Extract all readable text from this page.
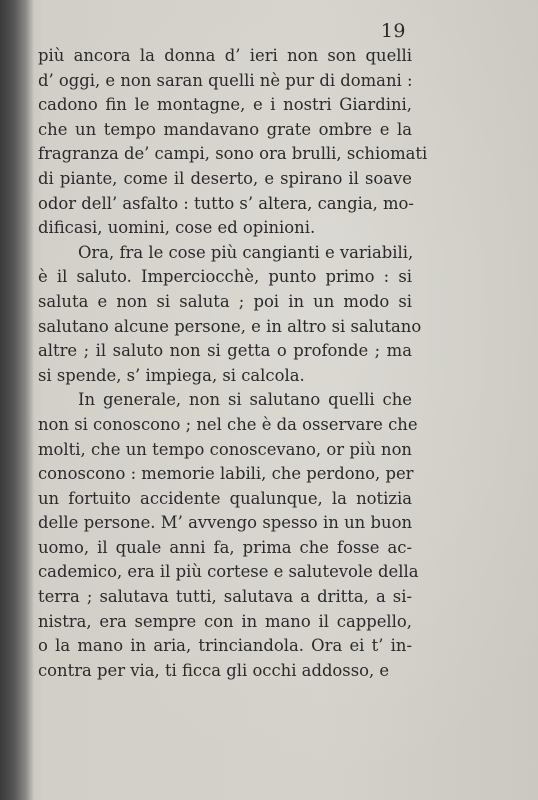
19
più ancora la donna d’ ieri non son quelli
d’ oggi, e non saran quelli nè pur di domani :
cadono fin le montagne, e i nostri Giardini,
che un tempo mandavano grate ombre e la
fragranza de’ campi, sono ora brulli, schiomati
di piante, come il deserto, e spirano il soave
odor dell’ asfalto : tutto s’ altera, cangia, mo-
dificasi, uomini, cose ed opinioni.
Ora, fra le cose più cangianti e variabili,
è il saluto. Imperciocchè, punto primo : si
saluta e non si saluta ; poi in un modo si
salutano alcune persone, e in altro si salutano
altre ; il saluto non si getta o profonde ; ma
si spende, s’ impiega, si calcola.
In generale, non si salutano quelli che
non si conoscono ; nel che è da osservare che
molti, che un tempo conoscevano, or più non
conoscono : memorie labili, che perdono, per
un fortuito accidente qualunque, la notizia
delle persone. M’ avvengo spesso in un buon
uomo, il quale anni fa, prima che fosse ac-
cademico, era il più cortese e salutevole della
terra ; salutava tutti, salutava a dritta, a si-
nistra, era sempre con in mano il cappello,
o la mano in aria, trinciandola. Ora ei t’ in-
contra per via, ti ficca gli occhi addosso, e
